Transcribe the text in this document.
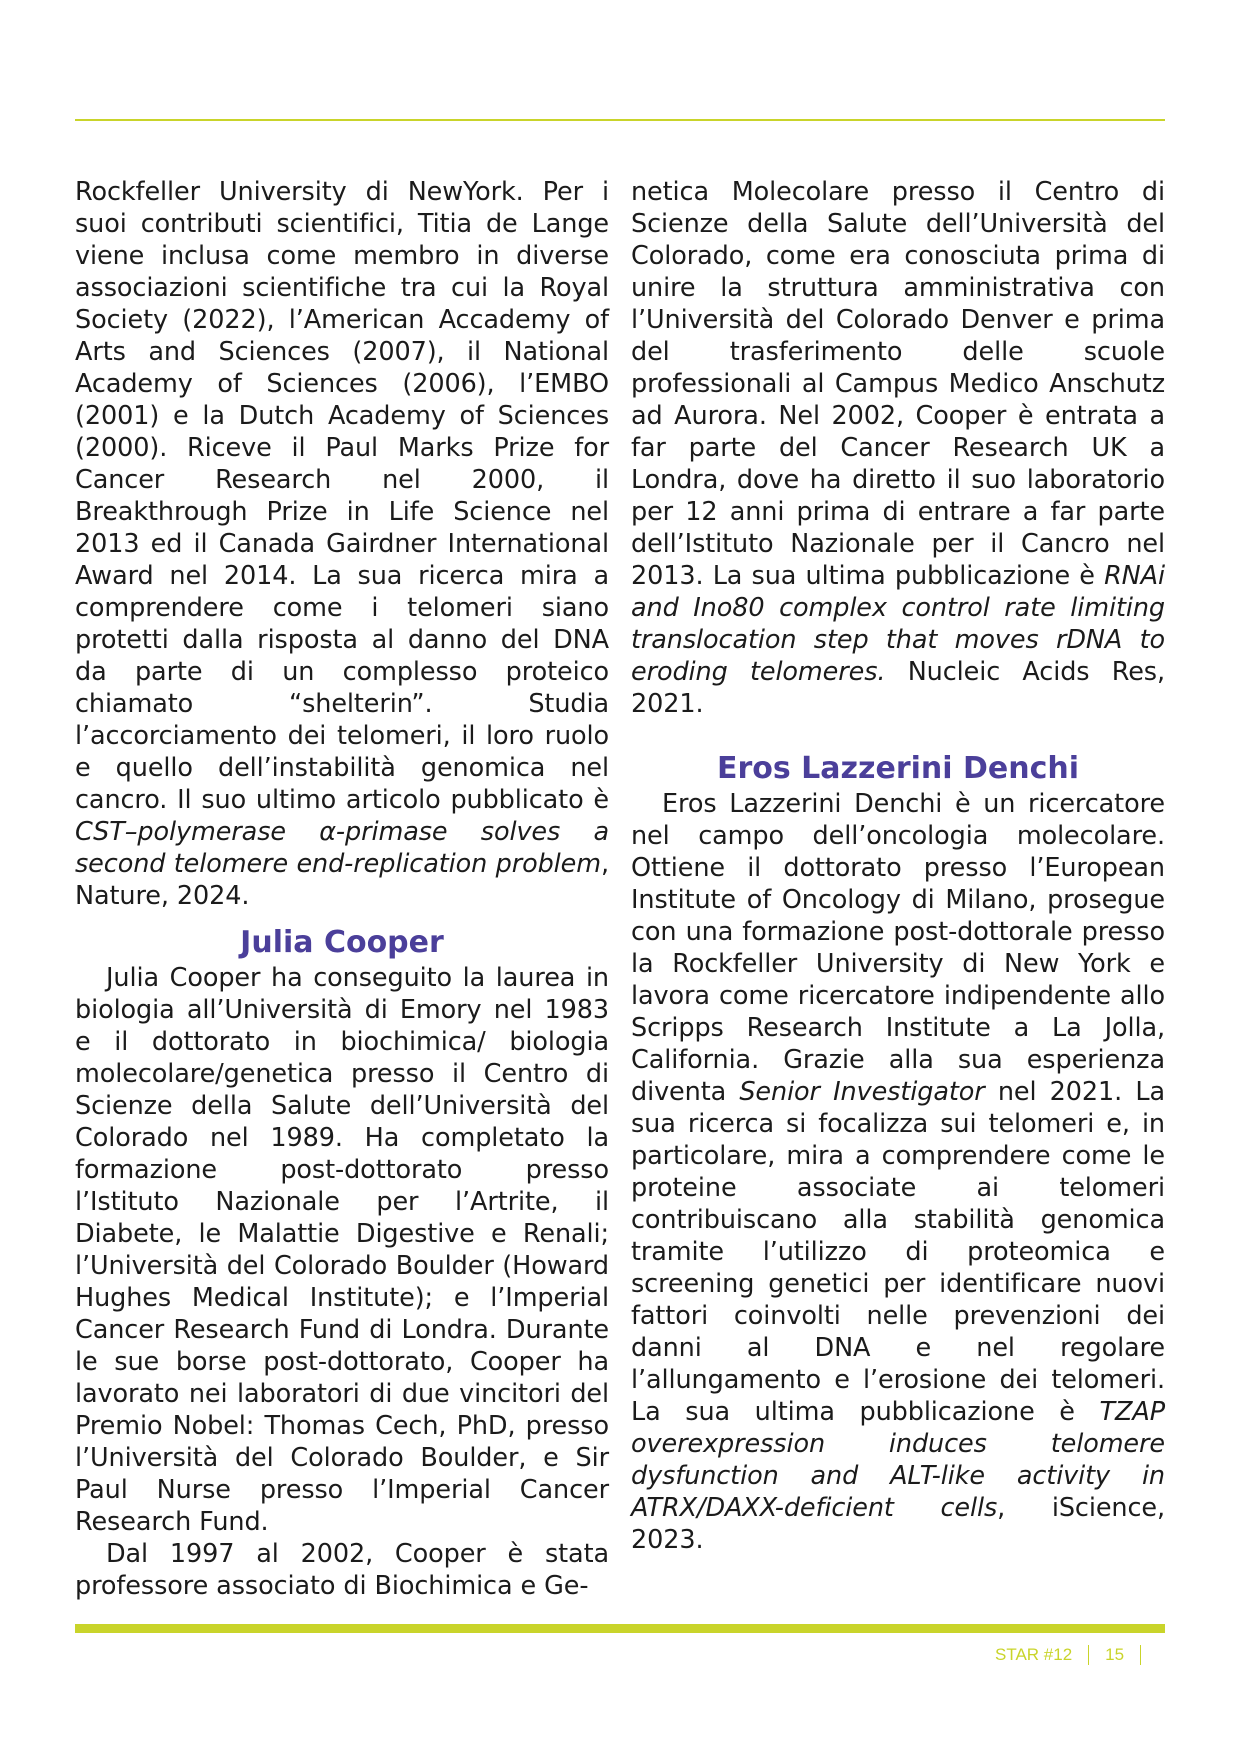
Rockfeller University di NewYork. Per i suoi contributi scientifici, Titia de Lange viene inclusa come membro in diverse associazioni scientifiche tra cui la Royal Society (2022), l’American Accademy of Arts and Sciences (2007), il National Academy of Sciences (2006), l’EMBO (2001) e la Dutch Academy of Sciences (2000). Riceve il Paul Marks Prize for Cancer Research nel 2000, il Breakthrough Prize in Life Science nel 2013 ed il Canada Gairdner International Award nel 2014. La sua ricerca mira a comprendere come i telomeri siano protetti dalla risposta al danno del DNA da parte di un complesso proteico chiamato “shelterin”. Studia l’accorciamento dei telomeri, il loro ruolo e quello dell’instabilità genomica nel cancro. Il suo ultimo articolo pubblicato è CST–polymerase α-primase solves a second telomere end-replication problem, Nature, 2024.

Julia Cooper

Julia Cooper ha conseguito la laurea in biologia all’Università di Emory nel 1983 e il dottorato in biochimica/ biologia molecolare/genetica presso il Centro di Scienze della Salute dell’Università del Colorado nel 1989. Ha completato la formazione post-dottorato presso l’Istituto Nazionale per l’Artrite, il Diabete, le Malattie Digestive e Renali; l’Università del Colorado Boulder (Howard Hughes Medical Institute); e l’Imperial Cancer Research Fund di Londra. Durante le sue borse post-dottorato, Cooper ha lavorato nei laboratori di due vincitori del Premio Nobel: Thomas Cech, PhD, presso l’Università del Colorado Boulder, e Sir Paul Nurse presso l’Imperial Cancer Research Fund.

Dal 1997 al 2002, Cooper è stata professore associato di Biochimica e Ge-

netica Molecolare presso il Centro di Scienze della Salute dell’Università del Colorado, come era conosciuta prima di unire la struttura amministrativa con l’Università del Colorado Denver e prima del trasferimento delle scuole professionali al Campus Medico Anschutz ad Aurora. Nel 2002, Cooper è entrata a far parte del Cancer Research UK a Londra, dove ha diretto il suo laboratorio per 12 anni prima di entrare a far parte dell’Istituto Nazionale per il Cancro nel 2013. La sua ultima pubblicazione è RNAi and Ino80 complex control rate limiting translocation step that moves rDNA to eroding telomeres. Nucleic Acids Res, 2021.

Eros Lazzerini Denchi

Eros Lazzerini Denchi è un ricercatore nel campo dell’oncologia molecolare. Ottiene il dottorato presso l’European Institute of Oncology di Milano, prosegue con una formazione post-dottorale presso la Rockfeller University di New York e lavora come ricercatore indipendente allo Scripps Research Institute a La Jolla, California. Grazie alla sua esperienza diventa Senior Investigator nel 2021. La sua ricerca si focalizza sui telomeri e, in particolare, mira a comprendere come le proteine associate ai telomeri contribuiscano alla stabilità genomica tramite l’utilizzo di proteomica e screening genetici per identificare nuovi fattori coinvolti nelle prevenzioni dei danni al DNA e nel regolare l’allungamento e l’erosione dei telomeri. La sua ultima pubblicazione è TZAP overexpression induces telomere dysfunction and ALT-like activity in ATRX/DAXX-deficient cells, iScience, 2023.

STAR #12 15
